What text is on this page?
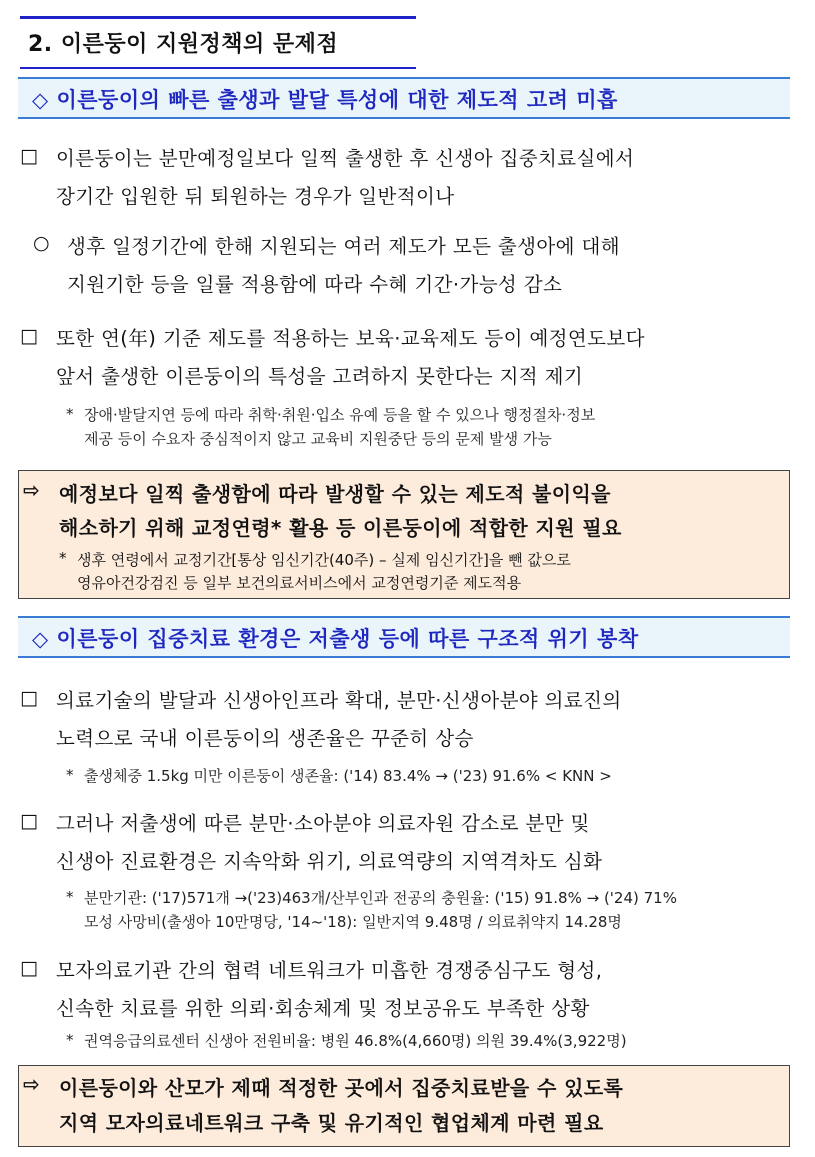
2. 이른둥이 지원정책의 문제점
◇ 이른둥이의 빠른 출생과 발달 특성에 대한 제도적 고려 미흡
□ 이른둥이는 분만예정일보다 일찍 출생한 후 신생아 집중치료실에서
장기간 입원한 뒤 퇴원하는 경우가 일반적이나
○ 생후 일정기간에 한해 지원되는 여러 제도가 모든 출생아에 대해
지원기한 등을 일률 적용함에 따라 수혜 기간·가능성 감소
□ 또한 연(年) 기준 제도를 적용하는 보육·교육제도 등이 예정연도보다
앞서 출생한 이른둥이의 특성을 고려하지 못한다는 지적 제기
* 장애·발달지연 등에 따라 취학·취원·입소 유예 등을 할 수 있으나 행정절차·정보
제공 등이 수요자 중심적이지 않고 교육비 지원중단 등의 문제 발생 가능
⇨ 예정보다 일찍 출생함에 따라 발생할 수 있는 제도적 불이익을
해소하기 위해 교정연령* 활용 등 이른둥이에 적합한 지원 필요
* 생후 연령에서 교정기간[통상 임신기간(40주) – 실제 임신기간]을 뺀 값으로
영유아건강검진 등 일부 보건의료서비스에서 교정연령기준 제도적용
◇ 이른둥이 집중치료 환경은 저출생 등에 따른 구조적 위기 봉착
□ 의료기술의 발달과 신생아인프라 확대, 분만·신생아분야 의료진의
노력으로 국내 이른둥이의 생존율은 꾸준히 상승
* 출생체중 1.5kg 미만 이른둥이 생존율: ('14) 83.4% → ('23) 91.6% < KNN >
□ 그러나 저출생에 따른 분만·소아분야 의료자원 감소로 분만 및
신생아 진료환경은 지속악화 위기, 의료역량의 지역격차도 심화
* 분만기관: ('17)571개 →('23)463개/산부인과 전공의 충원율: ('15) 91.8% → ('24) 71%
모성 사망비(출생아 10만명당, '14~'18): 일반지역 9.48명 / 의료취약지 14.28명
□ 모자의료기관 간의 협력 네트워크가 미흡한 경쟁중심구도 형성,
신속한 치료를 위한 의뢰·회송체계 및 정보공유도 부족한 상황
* 권역응급의료센터 신생아 전원비율: 병원 46.8%(4,660명) 의원 39.4%(3,922명)
⇨ 이른둥이와 산모가 제때 적정한 곳에서 집중치료받을 수 있도록
지역 모자의료네트워크 구축 및 유기적인 협업체계 마련 필요
